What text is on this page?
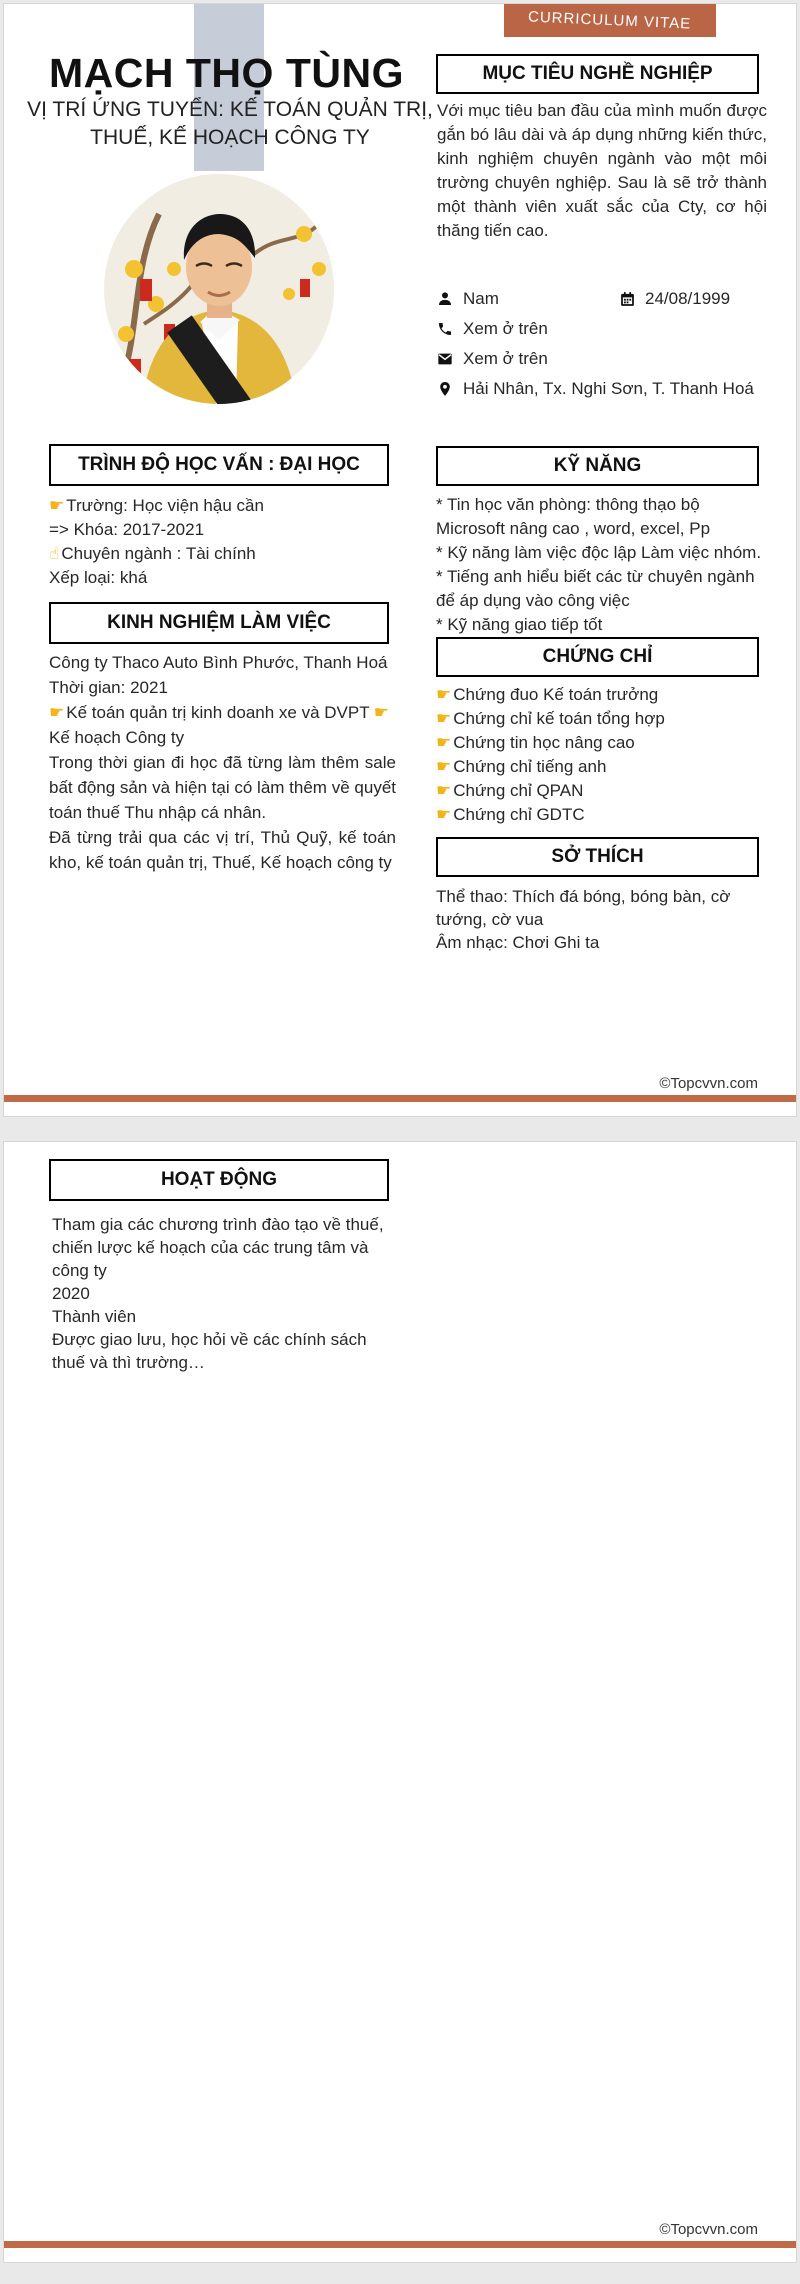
CURRICULUM VITAE
MẠCH THỌ TÙNG
VỊ TRÍ ỨNG TUYỂN: KẾ TOÁN QUẢN TRỊ, THUẾ, KẾ HOẠCH CÔNG TY
MỤC TIÊU NGHỀ NGHIỆP
Với mục tiêu ban đầu của mình muốn được gắn bó lâu dài và áp dụng những kiến thức, kinh nghiệm chuyên ngành vào một môi trường chuyên nghiệp. Sau là sẽ trở thành một thành viên xuất sắc của Cty, cơ hội thăng tiến cao.
Nam	24/08/1999
Xem ở trên
Xem ở trên
Hải Nhân, Tx. Nghi Sơn, T. Thanh Hoá
TRÌNH ĐỘ HỌC VẤN : ĐẠI HỌC
☛ Trường: Học viện hậu cần
=> Khóa: 2017-2021
☝ Chuyên ngành : Tài chính
Xếp loại: khá
KINH NGHIỆM LÀM VIỆC
Công ty Thaco Auto Bình Phước, Thanh Hoá
Thời gian: 2021
☛ Kế toán quản trị kinh doanh xe và DVPT ☛
Kế hoạch Công ty
Trong thời gian đi học đã từng làm thêm sale bất động sản và hiện tại có làm thêm về quyết toán thuế Thu nhập cá nhân.
Đã từng trải qua các vị trí, Thủ Quỹ, kế toán kho, kế toán quản trị, Thuế, Kế hoạch công ty
KỸ NĂNG
* Tin học văn phòng: thông thạo bộ Microsoft nâng cao , word, excel, Pp
* Kỹ năng làm việc độc lập Làm việc nhóm.
* Tiếng anh hiểu biết các từ chuyên ngành để áp dụng vào công việc
* Kỹ năng giao tiếp tốt
CHỨNG CHỈ
☛ Chứng đuo Kế toán trưởng
☛ Chứng chỉ kế toán tổng hợp
☛ Chứng tin học nâng cao
☛ Chứng chỉ tiếng anh
☛ Chứng chỉ QPAN
☛ Chứng chỉ GDTC
SỞ THÍCH
Thể thao: Thích đá bóng, bóng bàn, cờ tướng, cờ vua
Âm nhạc: Chơi Ghi ta
©Topcvvn.com
HOẠT ĐỘNG
Tham gia các chương trình đào tạo về thuế, chiến lược kế hoạch của các trung tâm và công ty
2020
Thành viên
Được giao lưu, học hỏi về các chính sách thuế và thì trường…
©Topcvvn.com
